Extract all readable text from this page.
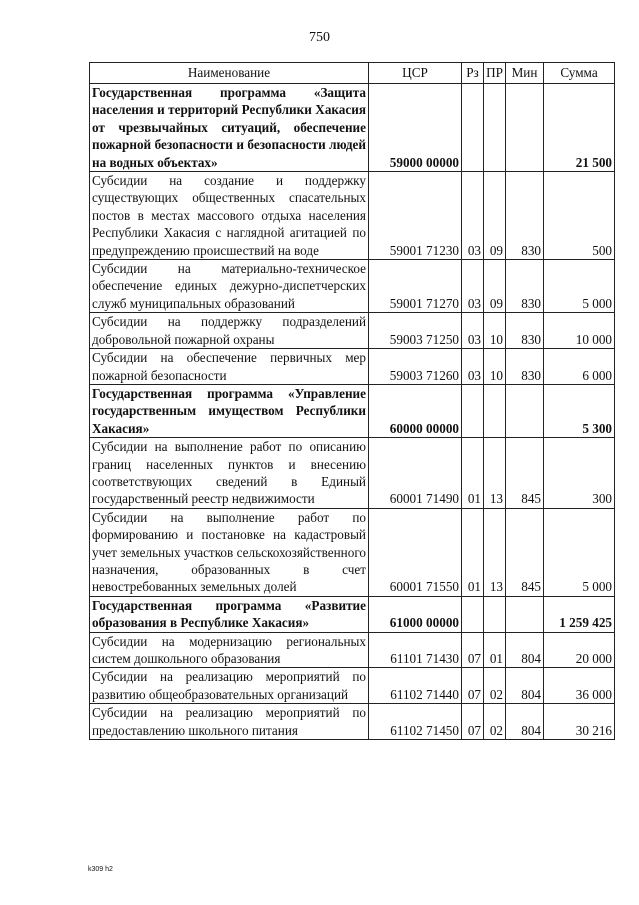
750
Наименование	ЦСР	Рз	ПР	Мин	Сумма
Государственная программа «Защита населения и территорий Республики Хакасия от чрезвычайных ситуаций, обеспечение пожарной безопасности и безопасности людей на водных объектах»	59000 00000				21 500
Субсидии на создание и поддержку существующих общественных спасательных постов в местах массового отдыха населения Республики Хакасия с наглядной агитацией по предупреждению происшествий на воде	59001 71230	03	09	830	500
Субсидии на материально-техническое обеспечение единых дежурно-диспетчерских служб муниципальных образований	59001 71270	03	09	830	5 000
Субсидии на поддержку подразделений добровольной пожарной охраны	59003 71250	03	10	830	10 000
Субсидии на обеспечение первичных мер пожарной безопасности	59003 71260	03	10	830	6 000
Государственная программа «Управление государственным имуществом Республики Хакасия»	60000 00000				5 300
Субсидии на выполнение работ по описанию границ населенных пунктов и внесению соответствующих сведений в Единый государственный реестр недвижимости	60001 71490	01	13	845	300
Субсидии на выполнение работ по формированию и постановке на кадастровый учет земельных участков сельскохозяйственного назначения, образованных в счет невостребованных земельных долей	60001 71550	01	13	845	5 000
Государственная программа «Развитие образования в Республике Хакасия»	61000 00000				1 259 425
Субсидии на модернизацию региональных систем дошкольного образования	61101 71430	07	01	804	20 000
Субсидии на реализацию мероприятий по развитию общеобразовательных организаций	61102 71440	07	02	804	36 000
Субсидии на реализацию мероприятий по предоставлению школьного питания	61102 71450	07	02	804	30 216
k309 h2
